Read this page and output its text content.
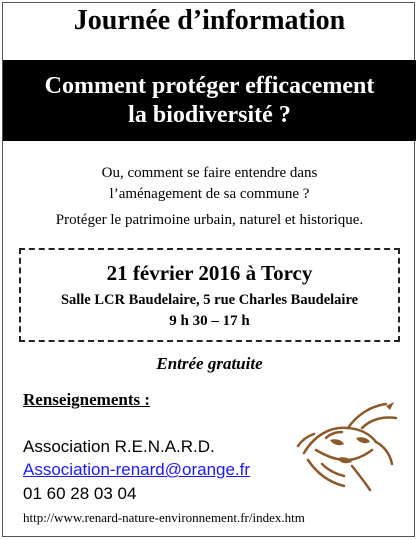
Journée d’information
Comment protéger efficacement
la biodiversité ?
Ou, comment se faire entendre dans
l’aménagement de sa commune ?
Protéger le patrimoine urbain, naturel et historique.
21 février 2016 à Torcy
Salle LCR Baudelaire, 5 rue Charles Baudelaire
9 h 30 – 17 h
Entrée gratuite
Renseignements :
Association R.E.N.A.R.D.
Association-renard@orange.fr
01 60 28 03 04
http://www.renard-nature-environnement.fr/index.htm
